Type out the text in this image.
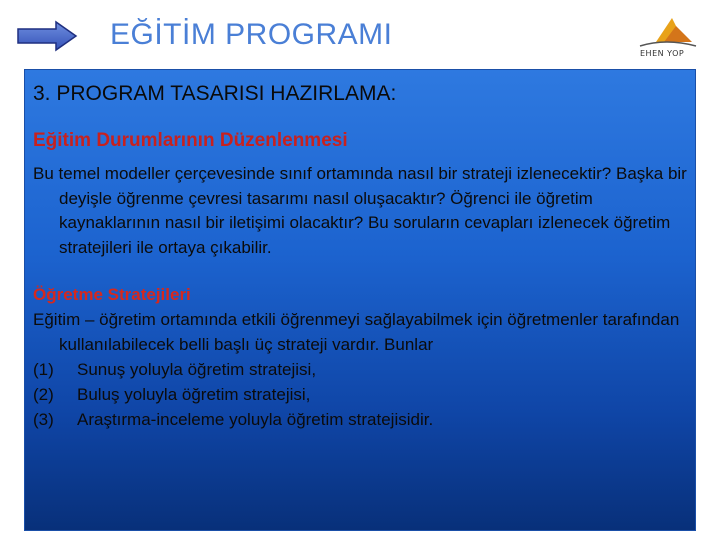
EĞİTİM PROGRAMI
EHEN YOP
3. PROGRAM TASARISI HAZIRLAMA:
Eğitim Durumlarının Düzenlenmesi
Bu temel modeller çerçevesinde sınıf ortamında nasıl bir strateji izlenecektir? Başka bir deyişle öğrenme çevresi tasarımı nasıl oluşacaktır? Öğrenci ile öğretim kaynaklarının nasıl bir iletişimi olacaktır? Bu soruların cevapları izlenecek öğretim stratejileri ile ortaya çıkabilir.
Öğretme Stratejileri
Eğitim – öğretim ortamında etkili öğrenmeyi sağlayabilmek için öğretmenler tarafından kullanılabilecek belli başlı üç strateji vardır. Bunlar
(1)	Sunuş yoluyla öğretim stratejisi,
(2)	Buluş yoluyla öğretim stratejisi,
(3)	Araştırma-inceleme yoluyla öğretim stratejisidir.
